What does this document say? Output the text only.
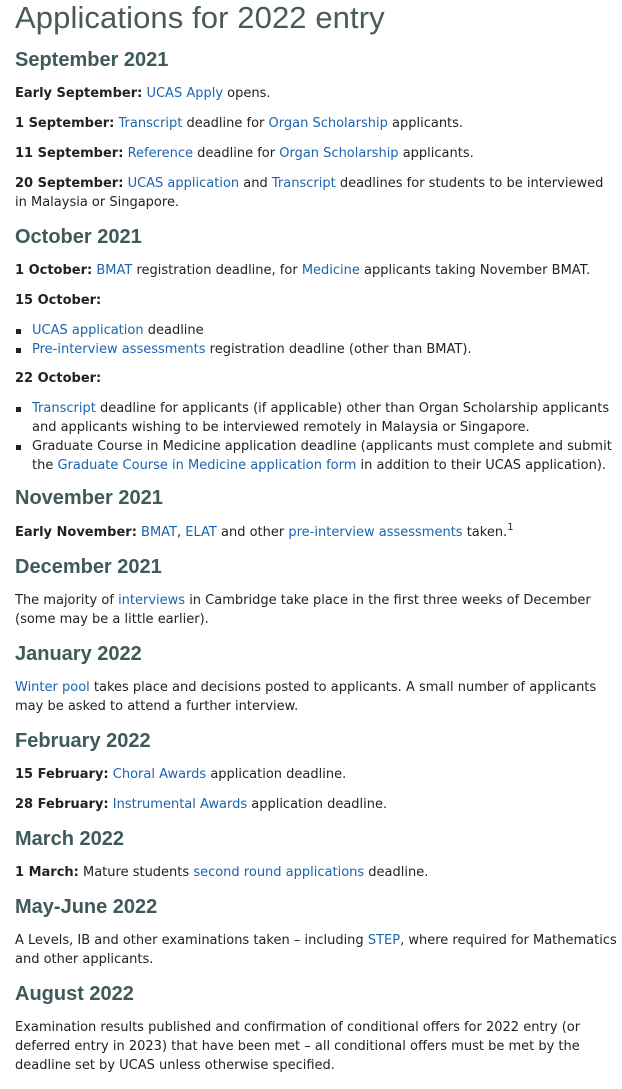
Applications for 2022 entry
September 2021

Early September: UCAS Apply opens.

1 September: Transcript deadline for Organ Scholarship applicants.

11 September: Reference deadline for Organ Scholarship applicants.

20 September: UCAS application and Transcript deadlines for students to be interviewed in Malaysia or Singapore.

October 2021

1 October: BMAT registration deadline, for Medicine applicants taking November BMAT.

15 October:

UCAS application deadline
Pre-interview assessments registration deadline (other than BMAT).

22 October:

Transcript deadline for applicants (if applicable) other than Organ Scholarship applicants and applicants wishing to be interviewed remotely in Malaysia or Singapore.
Graduate Course in Medicine application deadline (applicants must complete and submit the Graduate Course in Medicine application form in addition to their UCAS application).
November 2021

Early November: BMAT, ELAT and other pre-interview assessments taken.$^1$

December 2021

The majority of interviews in Cambridge take place in the first three weeks of December (some may be a little earlier).

January 2022

Winter pool takes place and decisions posted to applicants. A small number of applicants may be asked to attend a further interview.

February 2022

15 February: Choral Awards application deadline.

28 February: Instrumental Awards application deadline.

March 2022

1 March: Mature students second round applications deadline.

May-June 2022

A Levels, IB and other examinations taken – including STEP, where required for Mathematics and other applicants.

August 2022

Examination results published and confirmation of conditional offers for 2022 entry (or deferred entry in 2023) that have been met – all conditional offers must be met by the deadline set by UCAS unless otherwise specified.
